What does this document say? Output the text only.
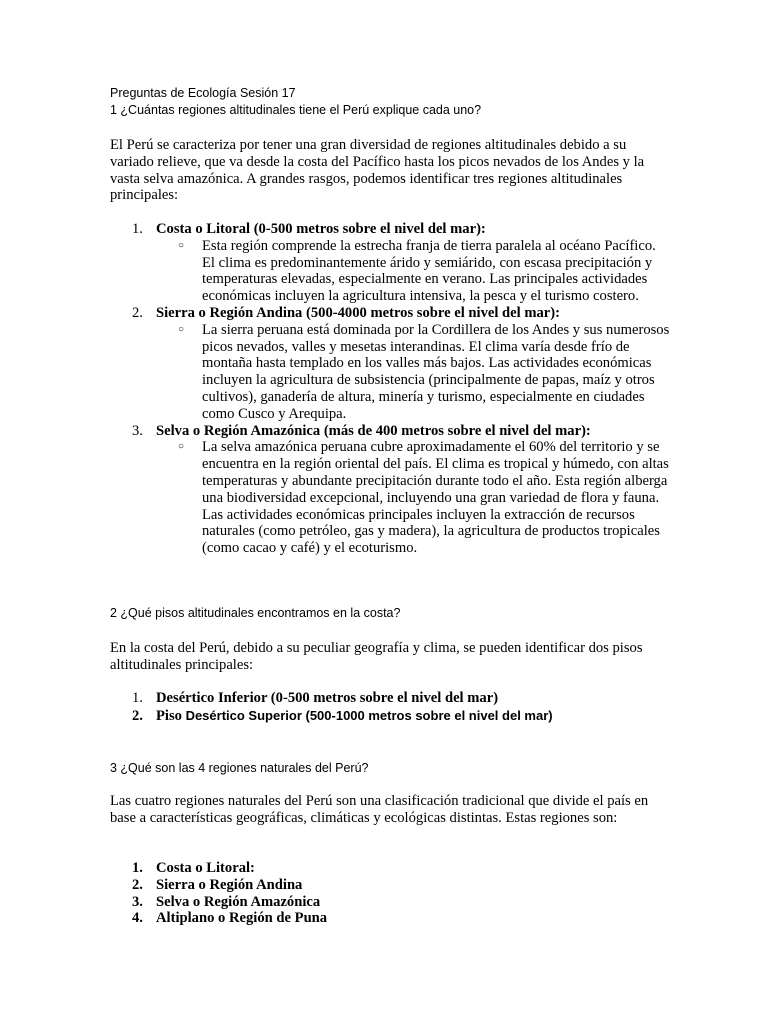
Preguntas de Ecología Sesión 17

1 ¿Cuántas regiones altitudinales tiene el Perú explique cada uno?

El Perú se caracteriza por tener una gran diversidad de regiones altitudinales debido a su variado relieve, que va desde la costa del Pacífico hasta los picos nevados de los Andes y la vasta selva amazónica. A grandes rasgos, podemos identificar tres regiones altitudinales principales:

1. Costa o Litoral (0-500 metros sobre el nivel del mar):
○ Esta región comprende la estrecha franja de tierra paralela al océano Pacífico. El clima es predominantemente árido y semiárido, con escasa precipitación y temperaturas elevadas, especialmente en verano. Las principales actividades económicas incluyen la agricultura intensiva, la pesca y el turismo costero.
2. Sierra o Región Andina (500-4000 metros sobre el nivel del mar):
○ La sierra peruana está dominada por la Cordillera de los Andes y sus numerosos picos nevados, valles y mesetas interandinas. El clima varía desde frío de montaña hasta templado en los valles más bajos. Las actividades económicas incluyen la agricultura de subsistencia (principalmente de papas, maíz y otros cultivos), ganadería de altura, minería y turismo, especialmente en ciudades como Cusco y Arequipa.
3. Selva o Región Amazónica (más de 400 metros sobre el nivel del mar):
○ La selva amazónica peruana cubre aproximadamente el 60% del territorio y se encuentra en la región oriental del país. El clima es tropical y húmedo, con altas temperaturas y abundante precipitación durante todo el año. Esta región alberga una biodiversidad excepcional, incluyendo una gran variedad de flora y fauna. Las actividades económicas principales incluyen la extracción de recursos naturales (como petróleo, gas y madera), la agricultura de productos tropicales (como cacao y café) y el ecoturismo.

2 ¿Qué pisos altitudinales encontramos en la costa?

En la costa del Perú, debido a su peculiar geografía y clima, se pueden identificar dos pisos altitudinales principales:

1. Desértico Inferior (0-500 metros sobre el nivel del mar)
2. Piso Desértico Superior (500-1000 metros sobre el nivel del mar)

3 ¿Qué son las 4 regiones naturales del Perú?

Las cuatro regiones naturales del Perú son una clasificación tradicional que divide el país en base a características geográficas, climáticas y ecológicas distintas. Estas regiones son:

1. Costa o Litoral:
2. Sierra o Región Andina
3. Selva o Región Amazónica
4. Altiplano o Región de Puna
